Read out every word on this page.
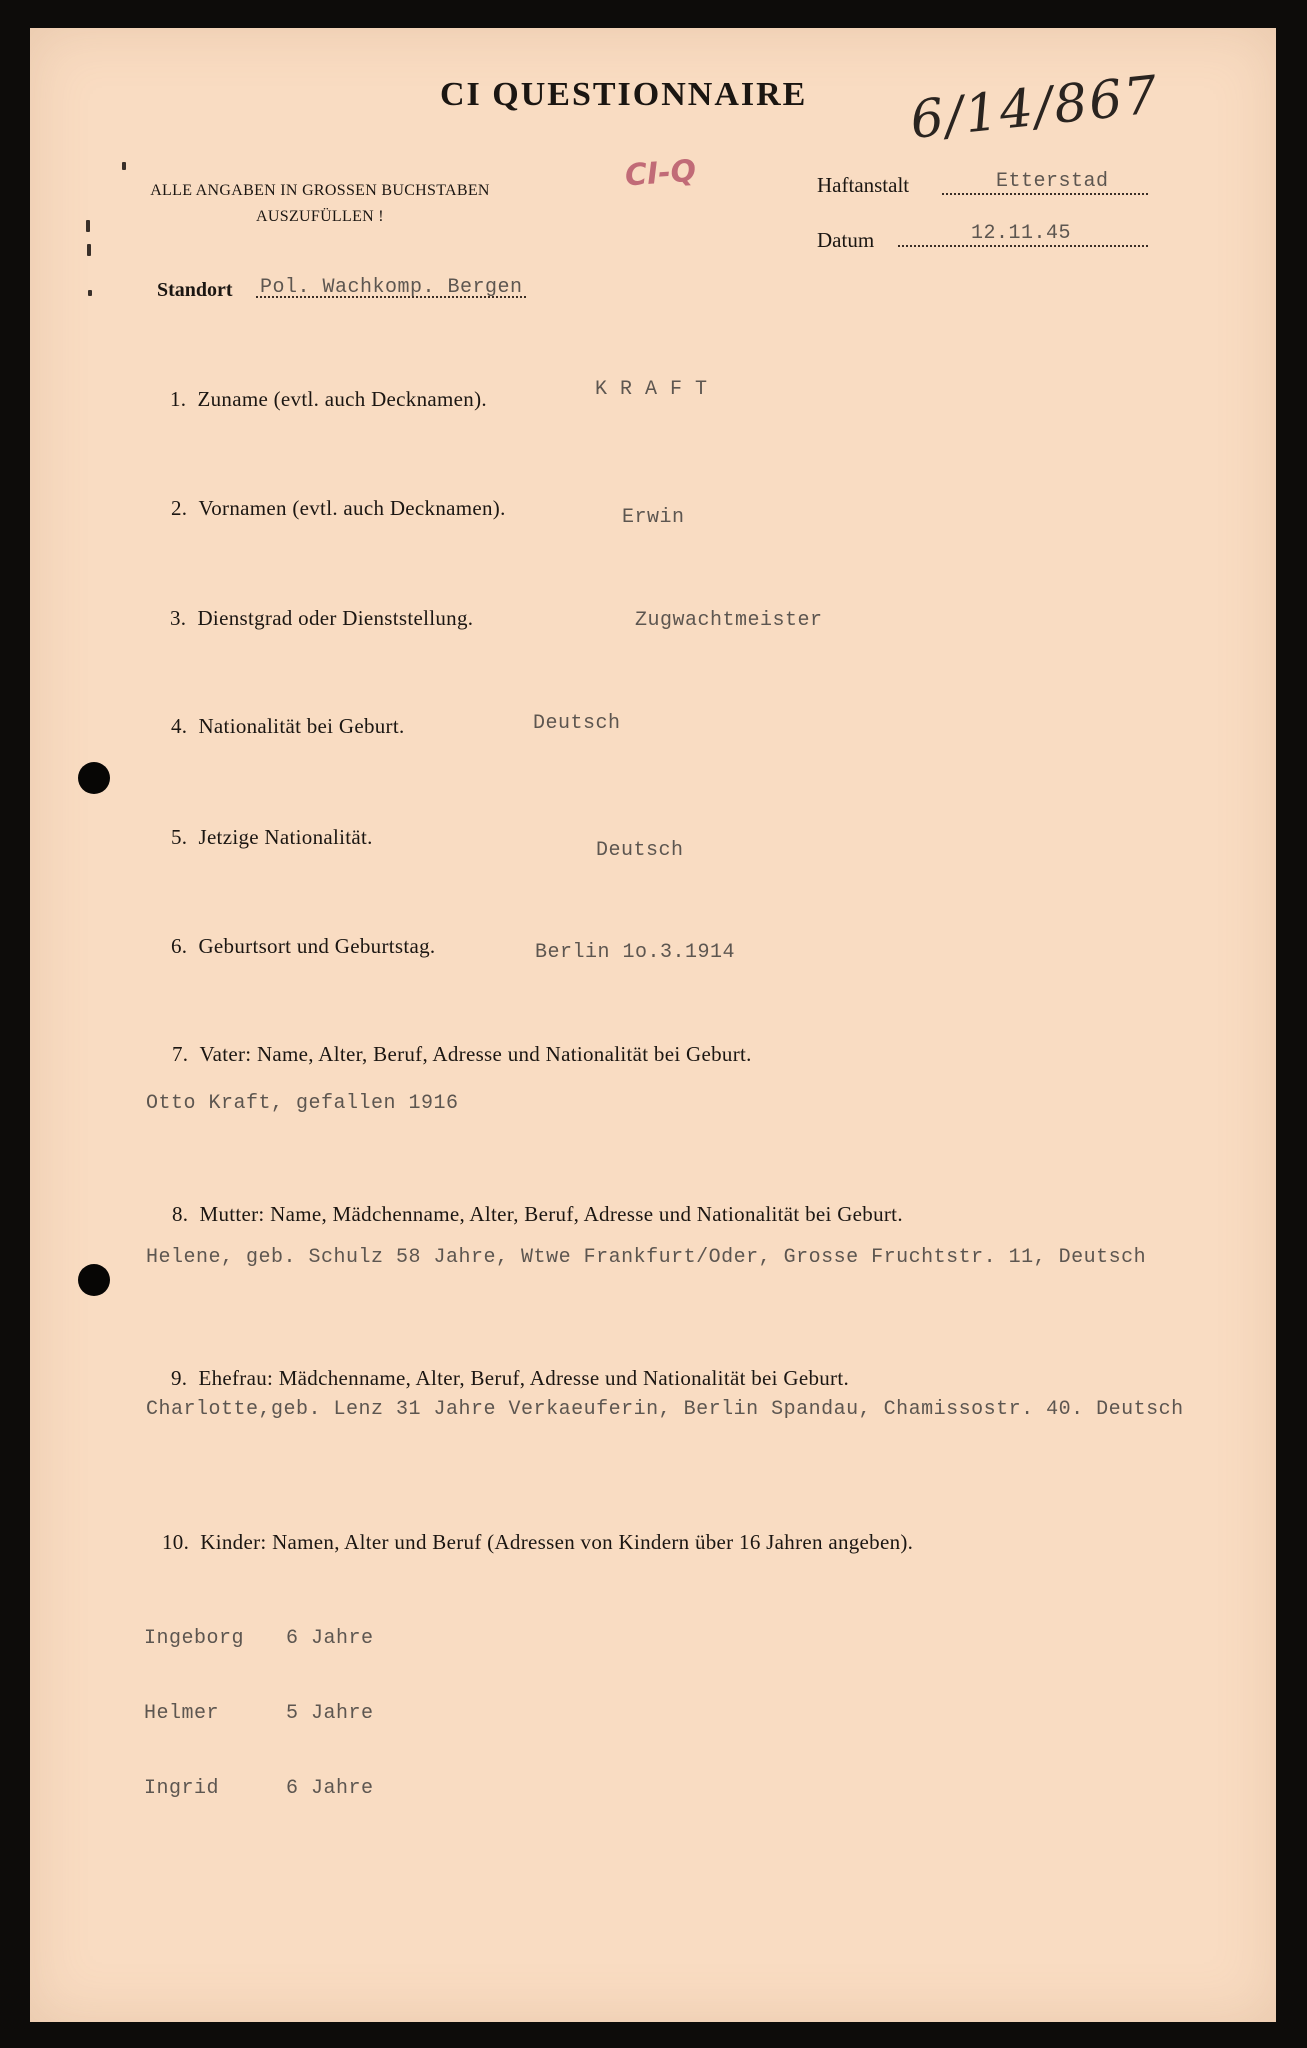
CI QUESTIONNAIRE 6/14/867
ALLE ANGABEN IN GROSSEN BUCHSTABEN
AUSZUFÜLLEN !
CI-Q	Haftanstalt	Etterstad
Datum	12.11.45
Standort Pol. Wachkomp. Bergen
1. Zuname (evtl. auch Decknamen).	K R A F T
2. Vornamen (evtl. auch Decknamen).	Erwin
3. Dienstgrad oder Dienststellung.	Zugwachtmeister
4. Nationalität bei Geburt.	Deutsch
5. Jetzige Nationalität.
Deutsch
6. Geburtsort und Geburtstag.	Berlin 1o.3.1914
7. Vater: Name, Alter, Beruf, Adresse und Nationalität bei Geburt.
Otto Kraft, gefallen 1916
8. Mutter: Name, Mädchenname, Alter, Beruf, Adresse und Nationalität bei Geburt.
Helene, geb. Schulz 58 Jahre, Wtwe Frankfurt/Oder, Grosse Fruchtstr. 11, Deutsch
9. Ehefrau: Mädchenname, Alter, Beruf, Adresse und Nationalität bei Geburt.
Charlotte,geb. Lenz 31 Jahre Verkaeuferin, Berlin Spandau, Chamissostr. 40. Deutsch
10. Kinder: Namen, Alter und Beruf (Adressen von Kindern über 16 Jahren angeben).

Ingeborg 6 Jahre

Helmer	5 Jahre

Ingrid	6 Jahre
